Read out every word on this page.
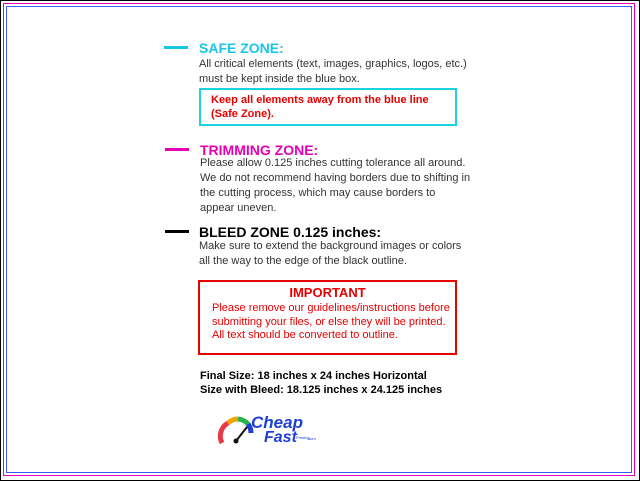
SAFE ZONE:
All critical elements (text, images, graphics, logos, etc.)
must be kept inside the blue box.
Keep all elements away from the blue line
(Safe Zone).
TRIMMING ZONE:
Please allow 0.125 inches cutting tolerance all around.
We do not recommend having borders due to shifting in
the cutting process, which may cause borders to
appear uneven.
BLEED ZONE 0.125 inches:
Make sure to extend the background images or colors
all the way to the edge of the black outline.
IMPORTANT
Please remove our guidelines/instructions before
submitting your files, or else they will be printed.
All text should be converted to outline.
Final Size: 18 inches x 24 inches Horizontal
Size with Bleed: 18.125 inches x 24.125 inches
Cheap
Fast Printing
.com
